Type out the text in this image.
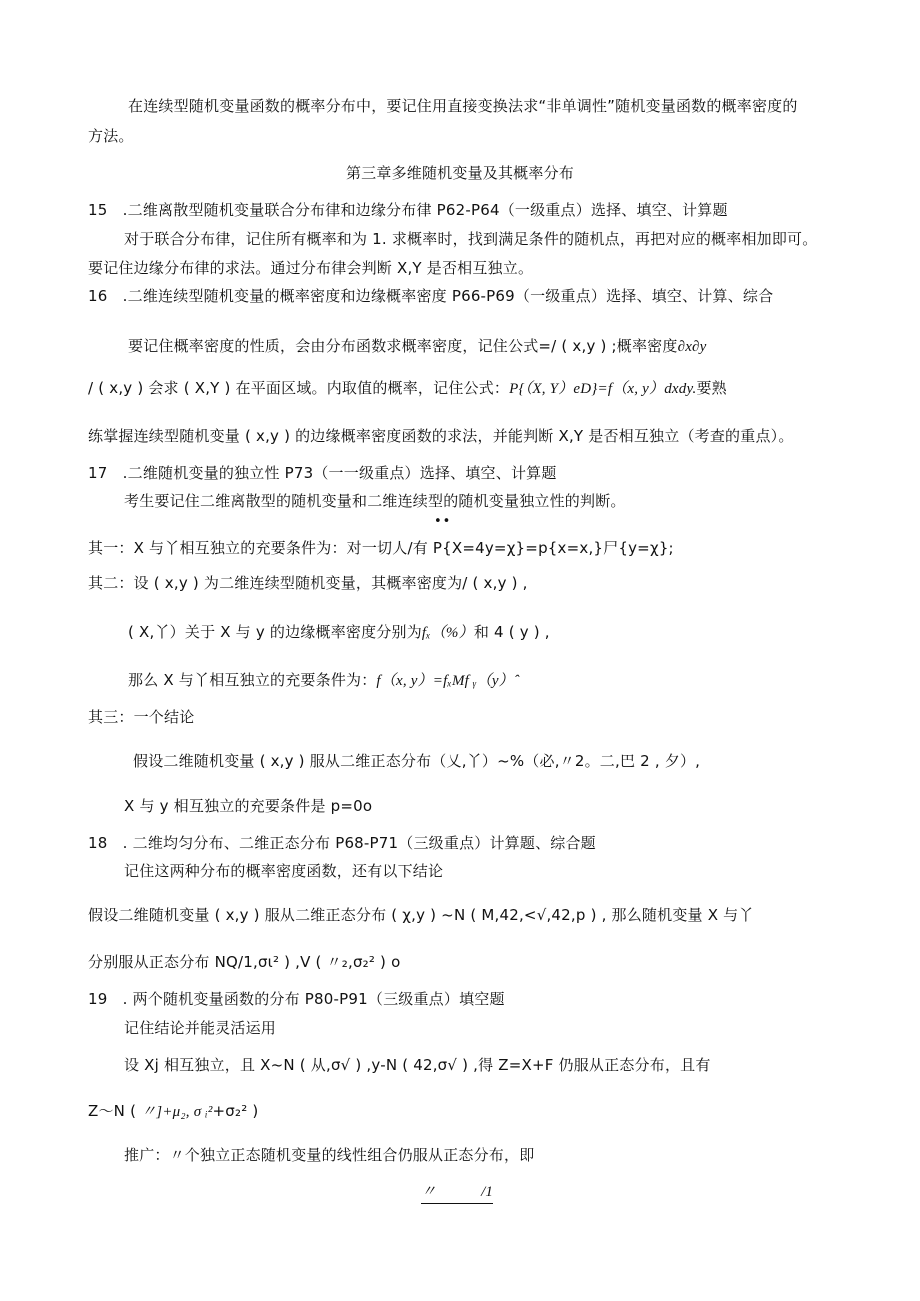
在连续型随机变量函数的概率分布中，要记住用直接变换法求“非单调性”随机变量函数的概率密度的
方法。
第三章多维随机变量及其概率分布
15　.二维离散型随机变量联合分布律和边缘分布律 P62-P64（一级重点）选择、填空、计算题
对于联合分布律，记住所有概率和为 1. 求概率时，找到满足条件的随机点，再把对应的概率相加即可。
要记住边缘分布律的求法。通过分布律会判断 X,Y 是否相互独立。
16　.二维连续型随机变量的概率密度和边缘概率密度 P66-P69（一级重点）选择、填空、计算、综合
要记住概率密度的性质，会由分布函数求概率密度，记住公式=/ ( x,y ) ;概率密度∂x∂y
/ ( x,y ) 会求 ( X,Y ) 在平面区域。内取值的概率，记住公式：P{（X, Y）eD}=f（x, y）dxdy.要熟
练掌握连续型随机变量 ( x,y ) 的边缘概率密度函数的求法，并能判断 X,Y 是否相互独立（考查的重点）。
17　.二维随机变量的独立性 P73（一一级重点）选择、填空、计算题
考生要记住二维离散型的随机变量和二维连续型的随机变量独立性的判断。
••
其一：X 与丫相互独立的充要条件为：对一切人/有 P{X=4y=χ}=p{x=x,}尸{y=χ};
其二：设 ( x,y ) 为二维连续型随机变量，其概率密度为/ ( x,y ) ,
( X,丫）关于 X 与 y 的边缘概率密度分别为fₓ（%）和 4 ( y ) ,
那么 X 与丫相互独立的充要条件为：f（x, y）=fₓMf ᵧ（y）ˆ
其三：一个结论
假设二维随机变量 ( x,y ) 服从二维正态分布（乂,丫）~%（必,〃2。二,巴 2 , 夕）,
X 与 y 相互独立的充要条件是 p=0o
18　. 二维均匀分布、二维正态分布 P68-P71（三级重点）计算题、综合题
记住这两种分布的概率密度函数，还有以下结论
假设二维随机变量 ( x,y ) 服从二维正态分布 ( χ,y ) ~N ( M,42,<√,42,p ) , 那么随机变量 X 与丫
分别服从正态分布 NQ/1,σι² ) ,V ( 〃₂,σ₂² ) o
19　. 两个随机变量函数的分布 P80-P91（三级重点）填空题
记住结论并能灵活运用
设 Xj 相互独立，且 X~N ( 从,σ√ ) ,y-N ( 42,σ√ ) ,得 Z=X+F 仍服从正态分布，且有
Z〜N ( 〃]+μ₂, σ ᵢ²+σ₂² )
推广：〃个独立正态随机变量的线性组合仍服从正态分布，即
〃　　　/1
